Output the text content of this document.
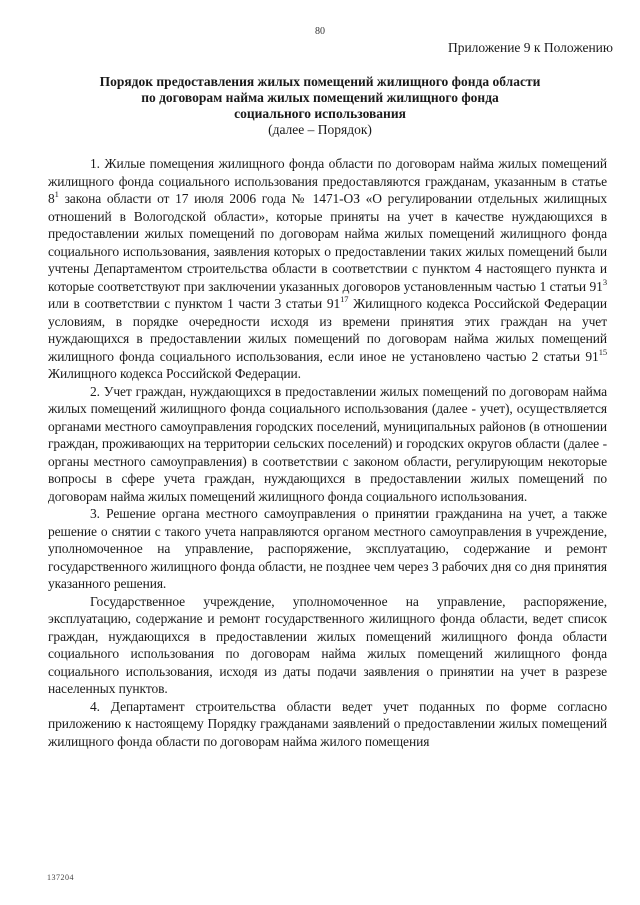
80
Приложение 9 к Положению
Порядок предоставления жилых помещений жилищного фонда области
по договорам найма жилых помещений жилищного фонда
социального использования
(далее – Порядок)

1. Жилые помещения жилищного фонда области по договорам найма жилых помещений жилищного фонда социального использования предоставляются гражданам, указанным в статье $8^1$ закона области от 17 июля 2006 года № 1471-ОЗ «О регулировании отдельных жилищных отношений в Вологодской области», которые приняты на учет в качестве нуждающихся в предоставлении жилых помещений по договорам найма жилых помещений жилищного фонда социального использования, заявления которых о предоставлении таких жилых помещений были учтены Департаментом строительства области в соответствии с пунктом 4 настоящего пункта и которые соответствуют при заключении указанных договоров установленным частью 1 статьи $91^3$ или в соответствии с пунктом 1 части 3 статьи $91^{17}$ Жилищного кодекса Российской Федерации условиям, в порядке очередности исходя из времени принятия этих граждан на учет нуждающихся в предоставлении жилых помещений по договорам найма жилых помещений жилищного фонда социального использования, если иное не установлено частью 2 статьи $91^{15}$ Жилищного кодекса Российской Федерации.

2. Учет граждан, нуждающихся в предоставлении жилых помещений по договорам найма жилых помещений жилищного фонда социального использования (далее - учет), осуществляется органами местного самоуправления городских поселений, муниципальных районов (в отношении граждан, проживающих на территории сельских поселений) и городских округов области (далее - органы местного самоуправления) в соответствии с законом области, регулирующим некоторые вопросы в сфере учета граждан, нуждающихся в предоставлении жилых помещений по договорам найма жилых помещений жилищного фонда социального использования.

3. Решение органа местного самоуправления о принятии гражданина на учет, а также решение о снятии с такого учета направляются органом местного самоуправления в учреждение, уполномоченное на управление, распоряжение, эксплуатацию, содержание и ремонт государственного жилищного фонда области, не позднее чем через 3 рабочих дня со дня принятия указанного решения.

Государственное учреждение, уполномоченное на управление, распоряжение, эксплуатацию, содержание и ремонт государственного жилищного фонда области, ведет список граждан, нуждающихся в предоставлении жилых помещений жилищного фонда области социального использования по договорам найма жилых помещений жилищного фонда социального использования, исходя из даты подачи заявления о принятии на учет в разрезе населенных пунктов.

4. Департамент строительства области ведет учет поданных по форме согласно приложению к настоящему Порядку гражданами заявлений о предоставлении жилых помещений жилищного фонда области по договорам найма жилого помещения

137204
